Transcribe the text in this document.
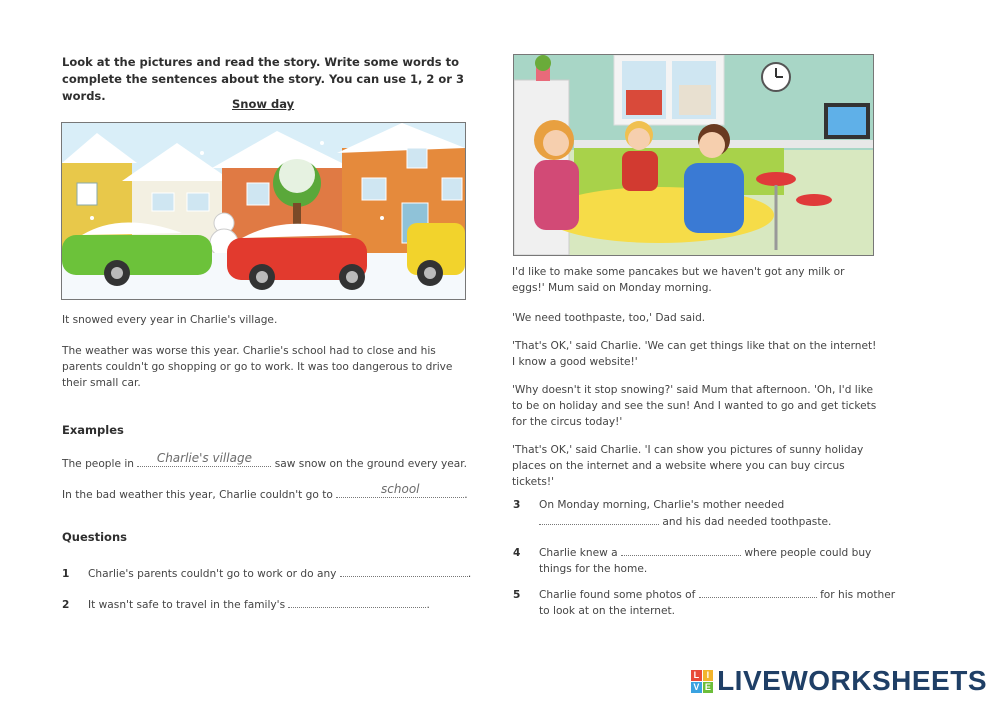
Look at the pictures and read the story. Write some words to complete the sentences about the story. You can use 1, 2 or 3 words.
Snow day
It snowed every year in Charlie's village.
The weather was worse this year. Charlie's school had to close and his parents couldn't go shopping or go to work. It was too dangerous to drive their small car.
Examples
The people in	Charlie's village	saw snow on the ground every year.
In the bad weather this year, Charlie couldn't go to	school	.
Questions
1 Charlie's parents couldn't go to work or do any	.
2 It wasn't safe to travel in the family's	.
I'd like to make some pancakes but we haven't got any milk or eggs!' Mum said on Monday morning.
'We need toothpaste, too,' Dad said.
'That's OK,' said Charlie. 'We can get things like that on the internet! I know a good website!'
'Why doesn't it stop snowing?' said Mum that afternoon. 'Oh, I'd like to be on holiday and see the sun! And I wanted to go and get tickets for the circus today!'
'That's OK,' said Charlie. 'I can show you pictures of sunny holiday places on the internet and a website where you can buy circus tickets!'
3 On Monday morning, Charlie's mother needed
and his dad needed toothpaste.
4 Charlie knew a	where people could buy
things for the home.
5 Charlie found some photos of	for his mother
to look at on the internet.
L I
V E LIVEWORKSHEETS
